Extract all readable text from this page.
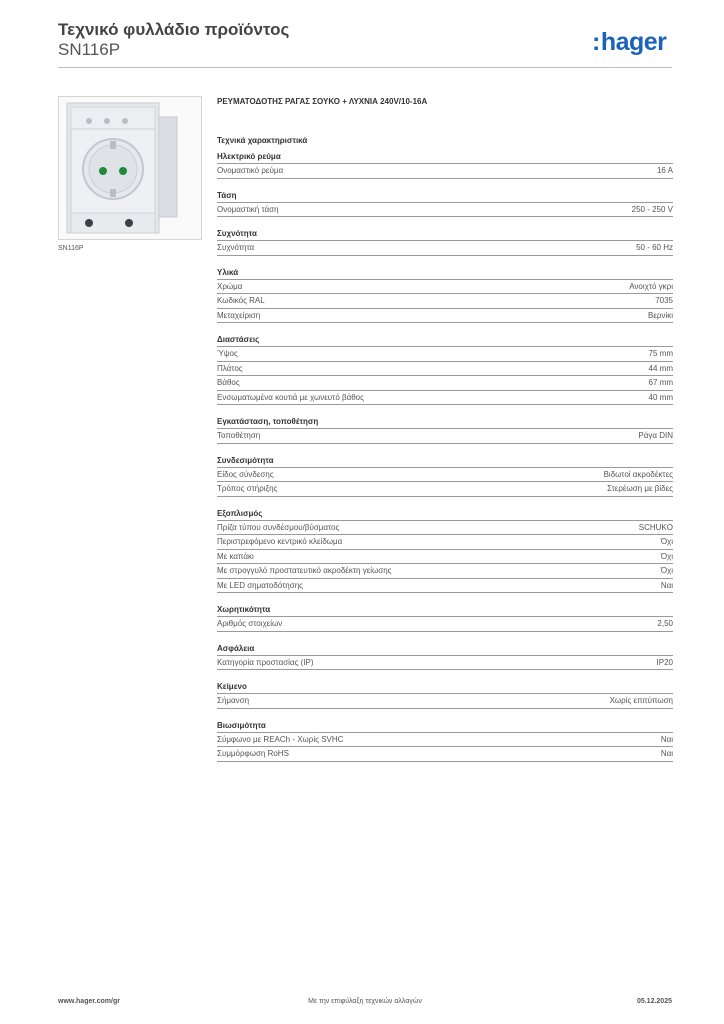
Τεχνικό φυλλάδιο προϊόντος
SN116P	:hager
SN116P
ΡΕΥΜΑΤΟΔΟΤΗΣ ΡΑΓΑΣ ΣΟΥΚΟ + ΛΥΧΝΙΑ 240V/10-16A
Τεχνικά χαρακτηριστικά
Ηλεκτρικό ρεύμα
Ονομαστικό ρεύμα	16 A
Τάση
Ονομαστική τάση	250 - 250 V
Συχνότητα
Συχνότητα	50 - 60 Hz
Υλικά
Χρώμα	Ανοιχτό γκρι
Κωδικός RAL	7035
Μεταχείριση	Βερνίκι
Διαστάσεις
Ύψος	75 mm
Πλάτος	44 mm
Βάθος	67 mm
Ενσωματωμένα κουτιά με χωνευτό βάθος	40 mm
Εγκατάσταση, τοποθέτηση
Τοποθέτηση	Ράγα DIN
Συνδεσιμότητα
Είδος σύνδεσης	Βιδωτοί ακροδέκτες
Τρόπος στήριξης	Στερέωση με βίδες
Εξοπλισμός
Πρίζα τύπου συνδέσμου/βύσματος	SCHUKO
Περιστρεφόμενο κεντρικό κλείδωμα	Όχι
Με καπάκι	Όχι
Με στρογγυλό προστατευτικό ακροδέκτη γείωσης	Όχι
Με LED σηματοδότησης	Ναι
Χωρητικότητα
Αριθμός στοιχείων	2,50
Ασφάλεια
Κατηγορία προστασίας (IP)	IP20
Κείμενο
Σήμανση	Χωρίς επιτύπωση
Βιωσιμότητα
Σύμφωνο με REACh - Χωρίς SVHC	Ναι
Συμμόρφωση RoHS	Ναι
Με την επιφύλαξη τεχνικών αλλαγών
www.hager.com/gr	05.12.2025
